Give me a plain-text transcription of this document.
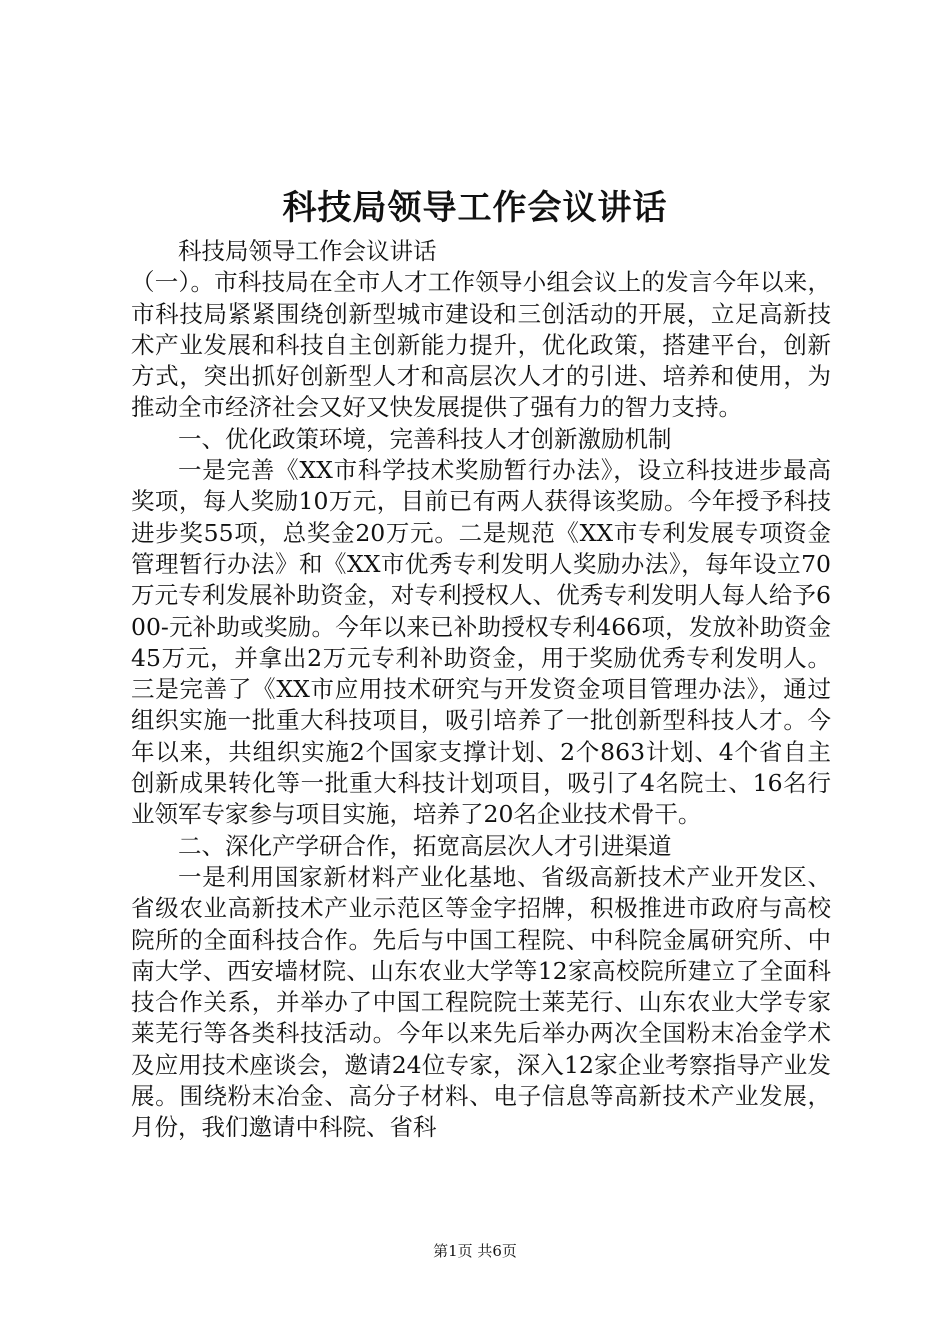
科技局领导工作会议讲话

科技局领导工作会议讲话

（一）。市科技局在全市人才工作领导小组会议上的发言今年以来，市科技局紧紧围绕创新型城市建设和三创活动的开展，立足高新技术产业发展和科技自主创新能力提升，优化政策，搭建平台，创新方式，突出抓好创新型人才和高层次人才的引进、培养和使用，为推动全市经济社会又好又快发展提供了强有力的智力支持。

一、优化政策环境，完善科技人才创新激励机制

一是完善《XX市科学技术奖励暂行办法》，设立科技进步最高奖项，每人奖励10万元，目前已有两人获得该奖励。今年授予科技进步奖55项，总奖金20万元。二是规范《XX市专利发展专项资金管理暂行办法》和《XX市优秀专利发明人奖励办法》，每年设立70万元专利发展补助资金，对专利授权人、优秀专利发明人每人给予600-元补助或奖励。今年以来已补助授权专利466项，发放补助资金45万元，并拿出2万元专利补助资金，用于奖励优秀专利发明人。三是完善了《XX市应用技术研究与开发资金项目管理办法》，通过组织实施一批重大科技项目，吸引培养了一批创新型科技人才。今年以来，共组织实施2个国家支撑计划、2个863计划、4个省自主创新成果转化等一批重大科技计划项目，吸引了4名院士、16名行业领军专家参与项目实施，培养了20名企业技术骨干。

二、深化产学研合作，拓宽高层次人才引进渠道

一是利用国家新材料产业化基地、省级高新技术产业开发区、省级农业高新技术产业示范区等金字招牌，积极推进市政府与高校院所的全面科技合作。先后与中国工程院、中科院金属研究所、中南大学、西安墙材院、山东农业大学等12家高校院所建立了全面科技合作关系，并举办了中国工程院院士莱芜行、山东农业大学专家莱芜行等各类科技活动。今年以来先后举办两次全国粉末冶金学术及应用技术座谈会，邀请24位专家，深入12家企业考察指导产业发展。围绕粉末冶金、高分子材料、电子信息等高新技术产业发展，月份，我们邀请中科院、省科

第1页 共6页
